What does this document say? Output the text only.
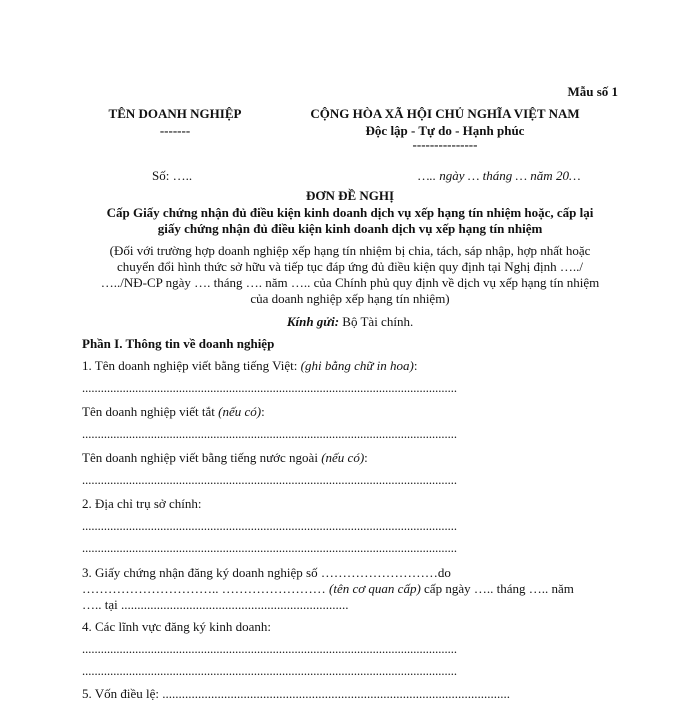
Mẫu số 1
TÊN DOANH NGHIỆP
-------
CỘNG HÒA XÃ HỘI CHỦ NGHĨA VIỆT NAM
Độc lập - Tự do - Hạnh phúc
---------------
Số: …..	….. ngày … tháng … năm 20…
ĐƠN ĐỀ NGHỊ
Cấp Giấy chứng nhận đủ điều kiện kinh doanh dịch vụ xếp hạng tín nhiệm hoặc, cấp lại
giấy chứng nhận đủ điều kiện kinh doanh dịch vụ xếp hạng tín nhiệm
(Đối với trường hợp doanh nghiệp xếp hạng tín nhiệm bị chia, tách, sáp nhập, hợp nhất hoặc
chuyển đổi hình thức sở hữu và tiếp tục đáp ứng đủ điều kiện quy định tại Nghị định …../
…../NĐ-CP ngày …. tháng …. năm ….. của Chính phủ quy định về dịch vụ xếp hạng tín nhiệm
của doanh nghiệp xếp hạng tín nhiệm)
Kính gửi: Bộ Tài chính.
Phần I. Thông tin về doanh nghiệp
1. Tên doanh nghiệp viết bằng tiếng Việt: (ghi bằng chữ in hoa):
........................................................................................................................
Tên doanh nghiệp viết tắt (nếu có):
........................................................................................................................
Tên doanh nghiệp viết bằng tiếng nước ngoài (nếu có):
........................................................................................................................
2. Địa chỉ trụ sở chính:
........................................................................................................................
........................................................................................................................
3. Giấy chứng nhận đăng ký doanh nghiệp số ………………………do
………………………….. …………………… (tên cơ quan cấp) cấp ngày ….. tháng ….. năm
….. tại ......................................................................
4. Các lĩnh vực đăng ký kinh doanh:
........................................................................................................................
........................................................................................................................
5. Vốn điều lệ: ...........................................................................................................
